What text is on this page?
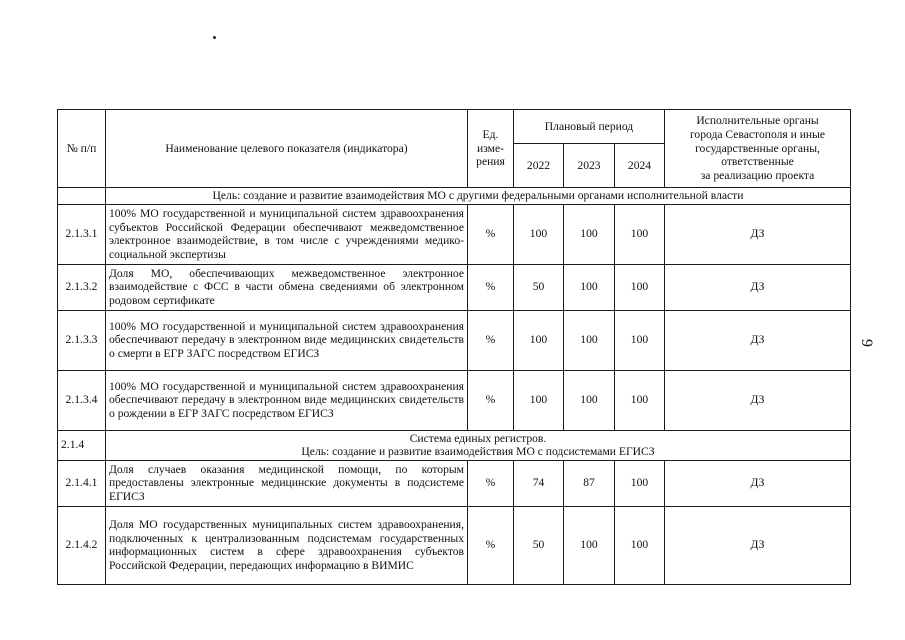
9
№ п/п	Наименование целевого показателя (индикатора)	Ед.
изме-
рения	Плановый период			Исполнительные органы
города Севастополя и иные
государственные органы,
ответственные
за реализацию проекта
			2022	2023	2024	
	Цель: создание и развитие взаимодействия МО с другими федеральными органами исполнительной власти					
2.1.3.1	100% МО государственной и муниципальной систем здравоохранения субъектов Российской Федерации обеспечивают межведомственное электронное взаимодействие, в том числе с учреждениями медико-социальной экспертизы	%	100	100	100	ДЗ
2.1.3.2	Доля МО, обеспечивающих межведомственное электронное взаимодействие с ФСС в части обмена сведениями об электронном родовом сертификате	%	50	100	100	ДЗ
2.1.3.3	100% МО государственной и муниципальной систем здравоохранения обеспечивают передачу в электронном виде медицинских свидетельств о смерти в ЕГР ЗАГС посредством ЕГИСЗ	%	100	100	100	ДЗ
2.1.3.4	100% МО государственной и муниципальной систем здравоохранения обеспечивают передачу в электронном виде медицинских свидетельств о рождении в ЕГР ЗАГС посредством ЕГИСЗ	%	100	100	100	ДЗ
2.1.4	Система единых регистров.
Цель: создание и развитие взаимодействия МО с подсистемами ЕГИСЗ					

2.1.4.1	Доля случаев оказания медицинской помощи, по которым предоставлены электронные медицинские документы в подсистеме ЕГИСЗ	%	74	87	100	ДЗ
2.1.4.2	Доля МО государственных муниципальных систем здравоохранения, подключенных к централизованным подсистемам государственных информационных систем в сфере здравоохранения субъектов Российской Федерации, передающих информацию в ВИМИС	%	50	100	100	ДЗ
